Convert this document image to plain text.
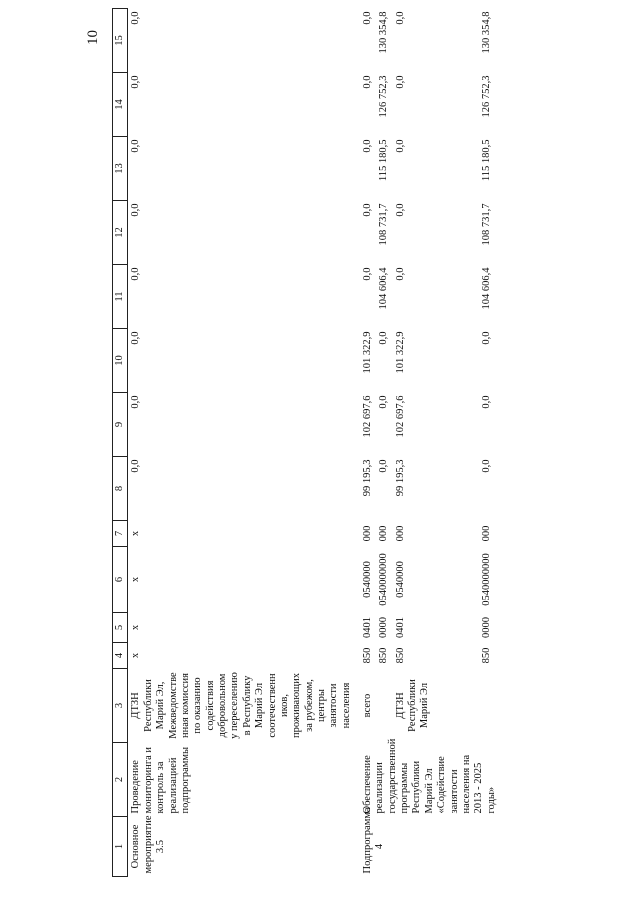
10
1	2	3	4	5	6	7	8	9	10	11	12	13	14	15
Основное мероприятие 3.5	Проведение мониторинга и контроль за реализацией подпрограммы	ДТЗН Республики Марий Эл, Межведомственная комиссия по оказанию содействия добровольному переселению в Республику Марий Эл соотечественников, проживающих за рубежом, центры занятости населения	х	х	х	х	0,0	0,0	0,0	0,0	0,0	0,0	0,0	0,0
Подпрограмма 4	Обеспечение реализации государственной программы Республики Марий Эл «Содействие занятости населения на 2013 - 2025 годы»	всего	850	0401	0540000	000	99 195,3	102 697,6	101 322,9	0,0	0,0	0,0	0,0	0,0
			850	0000	0540000000	000	0,0	0,0	0,0	104 606,4	108 731,7	115 180,5	126 752,3	130 354,8
		ДТЗН Республики Марий Эл	850	0401	0540000	000	99 195,3	102 697,6	101 322,9	0,0	0,0	0,0	0,0	0,0
			850	0000	0540000000	000	0,0	0,0	0,0	104 606,4	108 731,7	115 180,5	126 752,3	130 354,8
